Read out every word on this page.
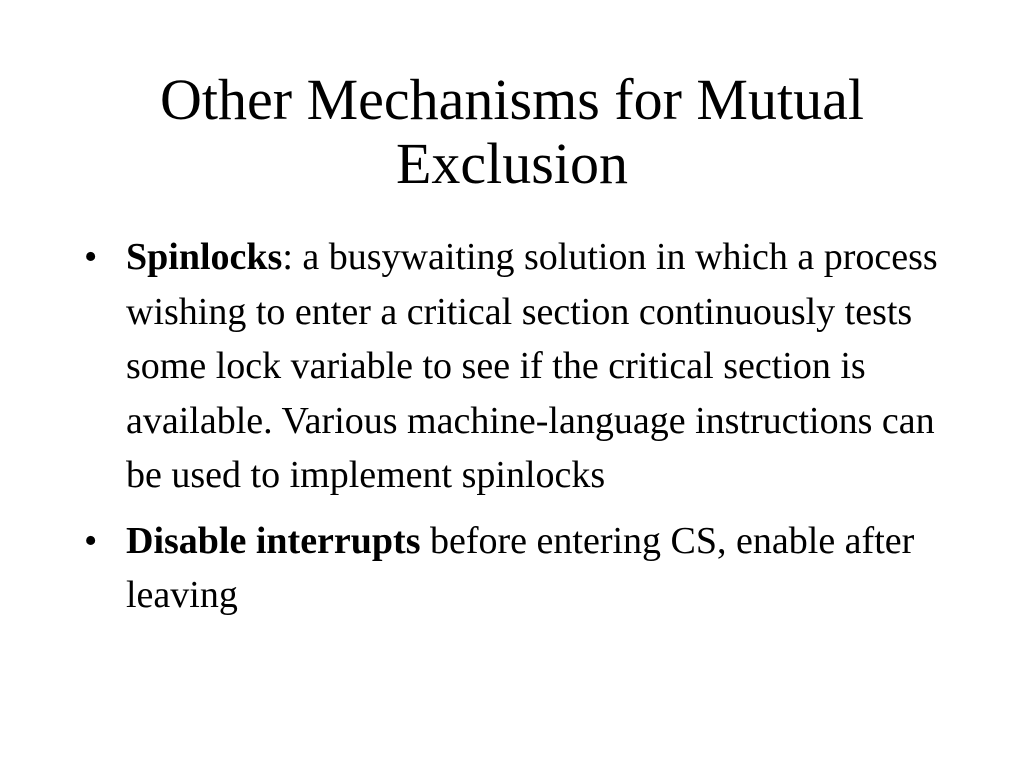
Other Mechanisms for Mutual
Exclusion
• Spinlocks: a busywaiting solution in which a process wishing to enter a critical section continuously tests some lock variable to see if the critical section is available. Various machine-language instructions can be used to implement spinlocks
• Disable interrupts before entering CS, enable after leaving
